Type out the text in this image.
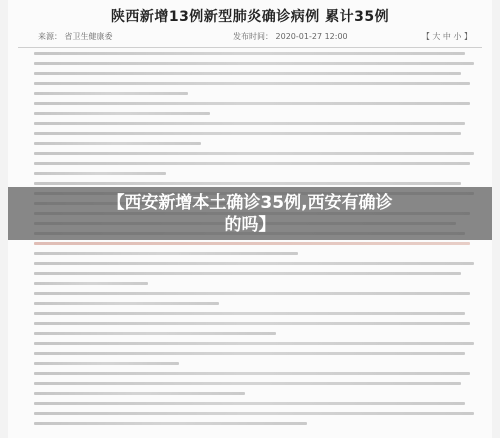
陕西新增13例新型肺炎确诊病例 累计35例
来源： 省卫生健康委	发布时间： 2020-01-27 12:00	【 大 中 小 】
【西安新增本土确诊35例,西安有确诊的吗】
